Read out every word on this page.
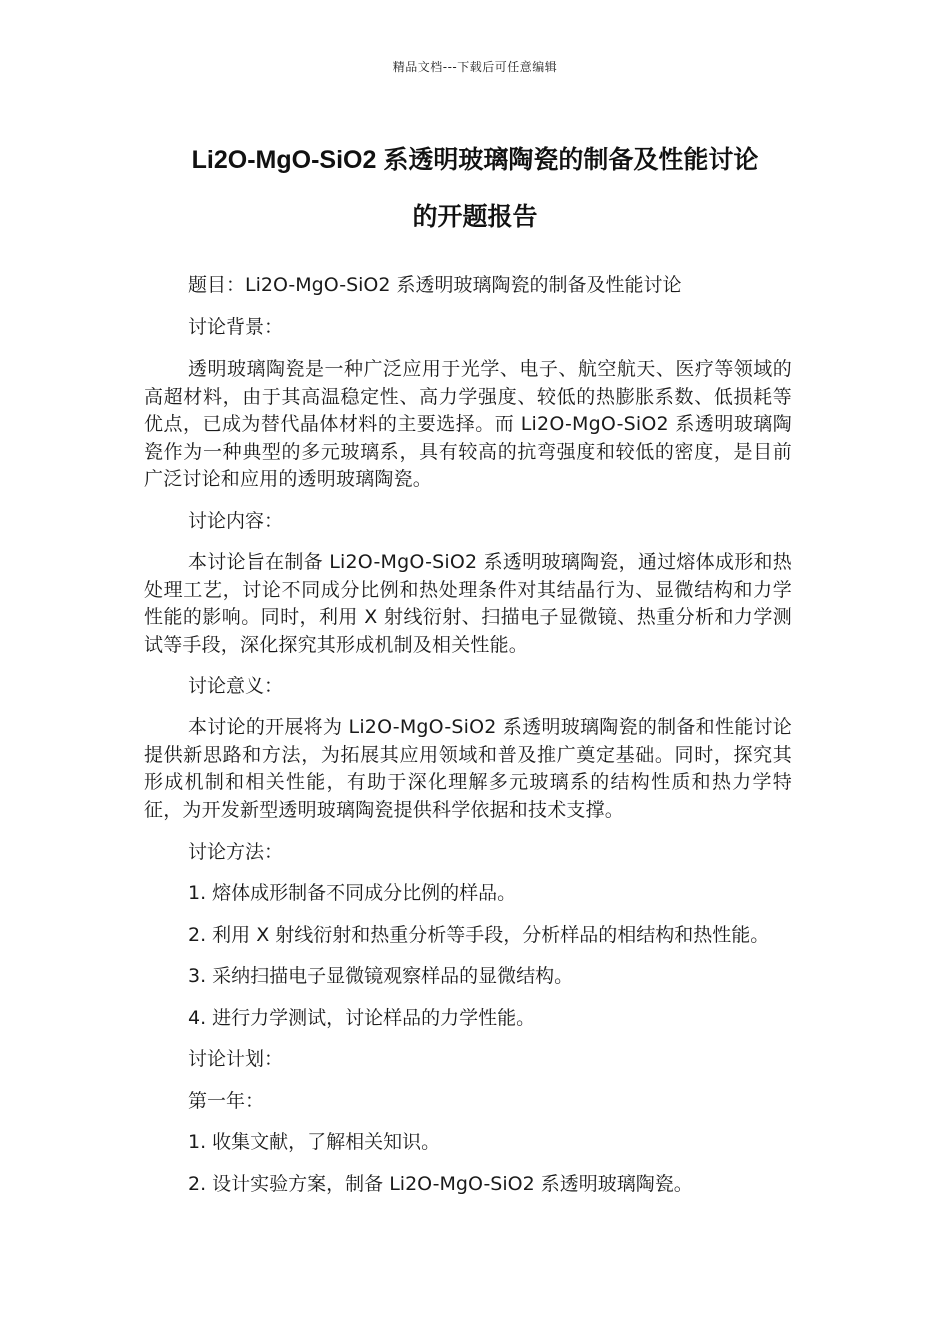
精品文档---下载后可任意编辑
Li2O-MgO-SiO2 系透明玻璃陶瓷的制备及性能讨论
的开题报告
题目：Li2O-MgO-SiO2 系透明玻璃陶瓷的制备及性能讨论
讨论背景：
透明玻璃陶瓷是一种广泛应用于光学、电子、航空航天、医疗等领域的高超材料，由于其高温稳定性、高力学强度、较低的热膨胀系数、低损耗等优点，已成为替代晶体材料的主要选择。而 Li2O-MgO-SiO2 系透明玻璃陶瓷作为一种典型的多元玻璃系，具有较高的抗弯强度和较低的密度，是目前广泛讨论和应用的透明玻璃陶瓷。
讨论内容：
本讨论旨在制备 Li2O-MgO-SiO2 系透明玻璃陶瓷，通过熔体成形和热处理工艺，讨论不同成分比例和热处理条件对其结晶行为、显微结构和力学性能的影响。同时，利用 X 射线衍射、扫描电子显微镜、热重分析和力学测试等手段，深化探究其形成机制及相关性能。
讨论意义：
本讨论的开展将为 Li2O-MgO-SiO2 系透明玻璃陶瓷的制备和性能讨论提供新思路和方法，为拓展其应用领域和普及推广奠定基础。同时，探究其形成机制和相关性能，有助于深化理解多元玻璃系的结构性质和热力学特征，为开发新型透明玻璃陶瓷提供科学依据和技术支撑。
讨论方法：
1. 熔体成形制备不同成分比例的样品。
2. 利用 X 射线衍射和热重分析等手段，分析样品的相结构和热性能。
3. 采纳扫描电子显微镜观察样品的显微结构。
4. 进行力学测试，讨论样品的力学性能。
讨论计划：
第一年：
1. 收集文献，了解相关知识。
2. 设计实验方案，制备 Li2O-MgO-SiO2 系透明玻璃陶瓷。
